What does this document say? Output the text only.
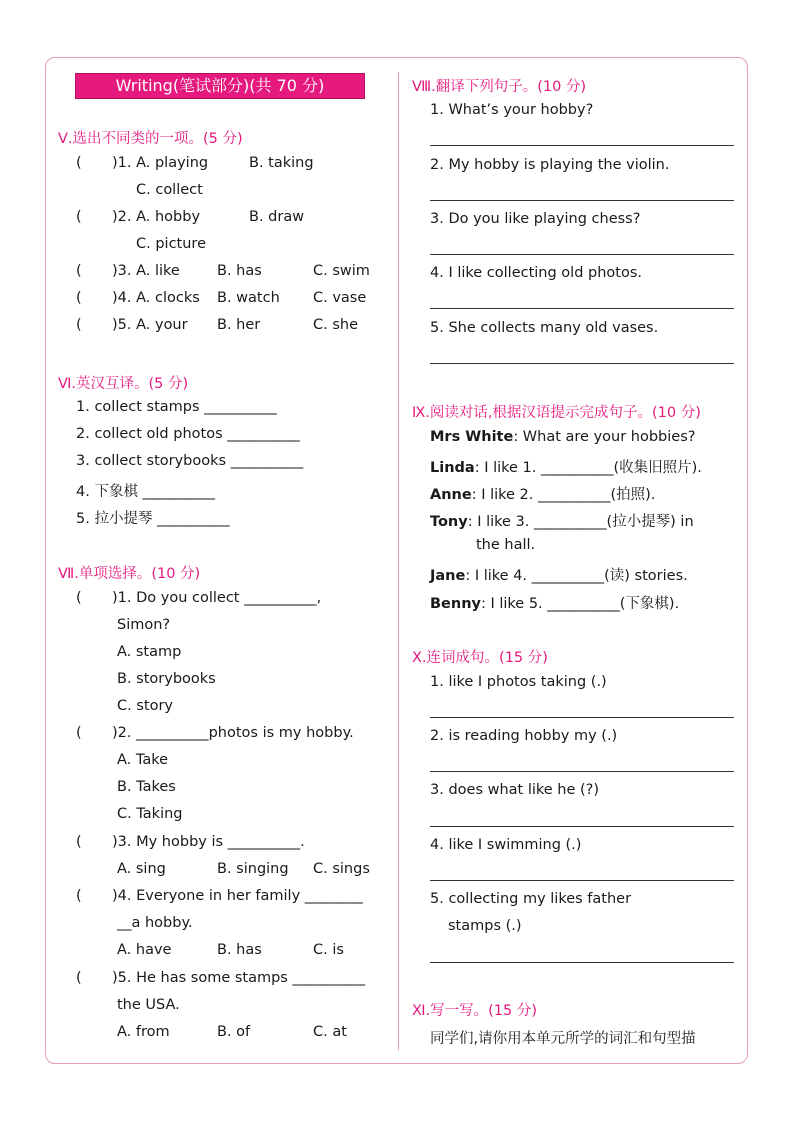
Writing(笔试部分)(共 70 分)
Ⅴ.选出不同类的一项。(5 分)
( )1. A. playing	B. taking
C. collect
( )2. A. hobby	B. draw
C. picture
( )3. A. like	B. has	C. swim
( )4. A. clocks B. watch C. vase
( )5. A. your B. her	C. she
Ⅵ.英汉互译。(5 分)
1. collect stamps __________
2. collect old photos __________
3. collect storybooks __________
4. 下象棋 __________
5. 拉小提琴 __________
Ⅶ.单项选择。(10 分)
( )1. Do you collect __________,
Simon?
A. stamp
B. storybooks
C. story
( )2. __________photos is my hobby.
A. Take
B. Takes
C. Taking
( )3. My hobby is __________.
A. sing	B. singing C. sings
( )4. Everyone in her family ________
__a hobby.
A. have	B. has	C. is
( )5. He has some stamps __________
the USA.
A. from	B. of	C. at
Ⅷ.翻译下列句子。(10 分)
1. What’s your hobby?
2. My hobby is playing the violin.
3. Do you like playing chess?
4. I like collecting old photos.
5. She collects many old vases.
Ⅸ.阅读对话,根据汉语提示完成句子。(10 分)
Mrs White: What are your hobbies?
Linda: I like 1. __________(收集旧照片).
Anne: I like 2. __________(拍照).
Tony: I like 3. __________(拉小提琴) in
the hall.
Jane: I like 4. __________(读) stories.
Benny: I like 5. __________(下象棋).
Ⅹ.连词成句。(15 分)
1. like I photos taking (.)
2. is reading hobby my (.)
3. does what like he (?)
4. like I swimming (.)
5. collecting my likes father
stamps (.)
Ⅺ.写一写。(15 分)
同学们,请你用本单元所学的词汇和句型描
